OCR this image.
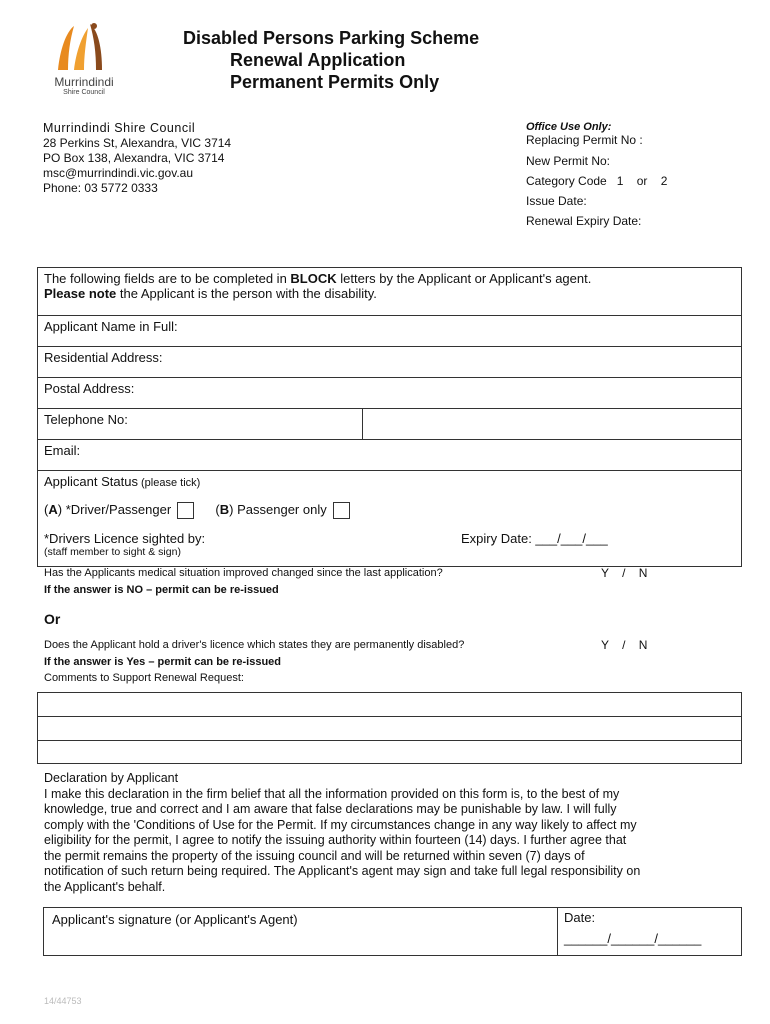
Murrindindi
Shire Council
Disabled Persons Parking Scheme
Renewal Application
Permanent Permits Only
Murrindindi Shire Council
28 Perkins St, Alexandra, VIC 3714
PO Box 138, Alexandra, VIC 3714
msc@murrindindi.vic.gov.au
Phone: 03 5772 0333
Office Use Only:
Replacing Permit No :
New Permit No:
Category Code   1    or    2
Issue Date:
Renewal Expiry Date:
The following fields are to be completed in BLOCK letters by the Applicant or Applicant's agent.
Please note the Applicant is the person with the disability.
Applicant Name in Full:
Residential Address:
Postal Address:
Telephone No:
Email:
Applicant Status (please tick)
(A) *Driver/Passenger	(B) Passenger only
*Drivers Licence sighted by:	Expiry Date: ___/___/___
(staff member to sight & sign)
Has the Applicants medical situation improved changed since the last application?	Y    /    N
If the answer is NO – permit can be re-issued
Or
Does the Applicant hold a driver's licence which states they are permanently disabled?	Y    /    N
If the answer is Yes – permit can be re-issued
Comments to Support Renewal Request:
Declaration by Applicant
I make this declaration in the firm belief that all the information provided on this form is, to the best of my
knowledge, true and correct and I am aware that false declarations may be punishable by law. I will fully
comply with the 'Conditions of Use for the Permit. If my circumstances change in any way likely to affect my
eligibility for the permit, I agree to notify the issuing authority within fourteen (14) days. I further agree that
the permit remains the property of the issuing council and will be returned within seven (7) days of
notification of such return being required. The Applicant's agent may sign and take full legal responsibility on
the Applicant's behalf.
Applicant's signature (or Applicant's Agent)	Date:
______/______/______
14/44753
